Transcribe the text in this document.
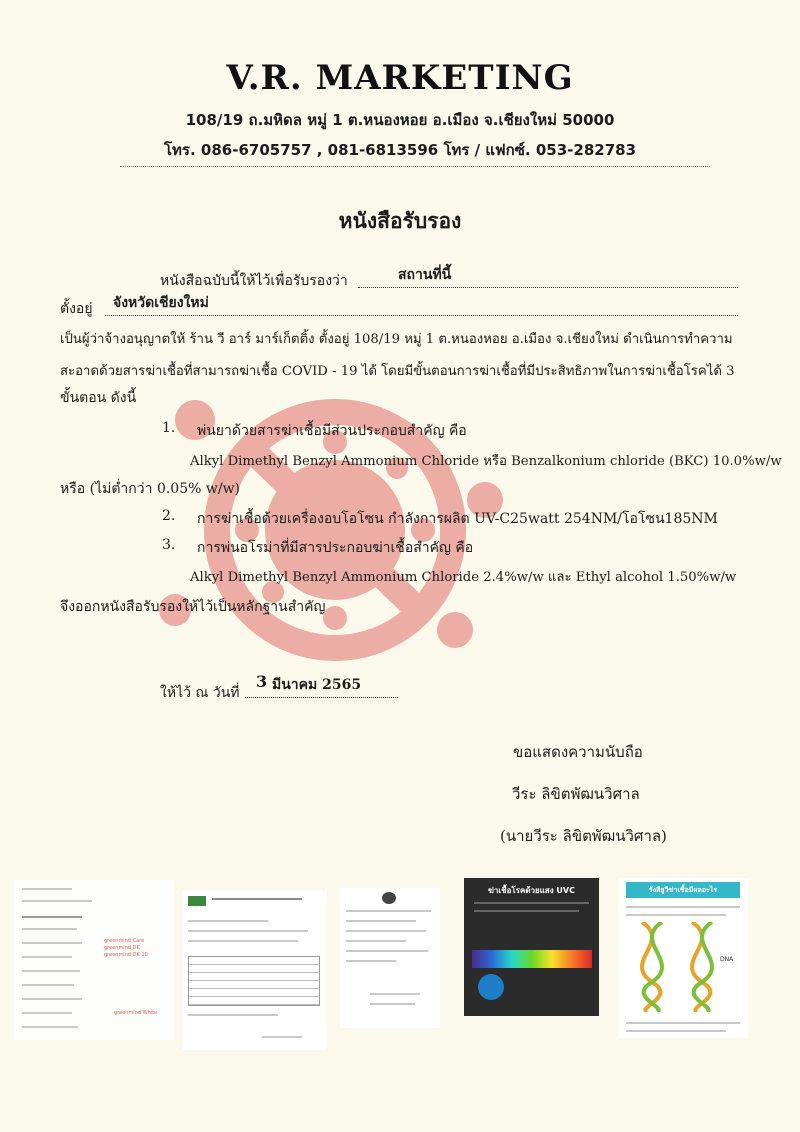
V.R. MARKETING
108/19 ถ.มหิดล หมู่ 1 ต.หนองหอย อ.เมือง จ.เชียงใหม่ 50000
โทร. 086-6705757 , 081-6813596 โทร / แฟกซ์. 053-282783
หนังสือรับรอง
หนังสือฉบับนี้ให้ไว้เพื่อรับรองว่า	สถานที่นี้
ตั้งอยู่ จังหวัดเชียงใหม่
เป็นผู้ว่าจ้างอนุญาตให้ ร้าน วี อาร์ มาร์เก็ตติ้ง ตั้งอยู่ 108/19 หมู่ 1 ต.หนองหอย อ.เมือง จ.เชียงใหม่ ดำเนินการทำความ
สะอาดด้วยสารฆ่าเชื้อที่สามารถฆ่าเชื้อ COVID - 19 ได้ โดยมีขั้นตอนการฆ่าเชื้อที่มีประสิทธิภาพในการฆ่าเชื้อโรคได้ 3
ขั้นตอน ดังนี้
1. พ่นยาด้วยสารฆ่าเชื้อมีส่วนประกอบสำคัญ คือ
Alkyl Dimethyl Benzyl Ammonium Chloride หรือ Benzalkonium chloride (BKC) 10.0%w/w
หรือ (ไม่ต่ำกว่า 0.05% w/w)
2. การฆ่าเชื้อด้วยเครื่องอบโอโซน กำลังการผลิต UV-C25watt 254NM/โอโซน185NM
3. การพ่นอโรม่าที่มีสารประกอบฆ่าเชื้อสำคัญ คือ
Alkyl Dimethyl Benzyl Ammonium Chloride 2.4%w/w และ Ethyl alcohol 1.50%w/w
จึงออกหนังสือรับรองให้ไว้เป็นหลักฐานสำคัญ
ให้ไว้ ณ วันที่
3 มีนาคม 2565
ขอแสดงความนับถือ
วีระ ลิขิตพัฒนวิศาล
(นายวีระ ลิขิตพัฒนวิศาล)
greenmind Care
greenmind DK
greenmind DK 10
greenmind White
ฆ่าเชื้อโรคด้วยแสง UVC	รังสียูวีฆ่าเชื้อมีผลอะไร
DNA
